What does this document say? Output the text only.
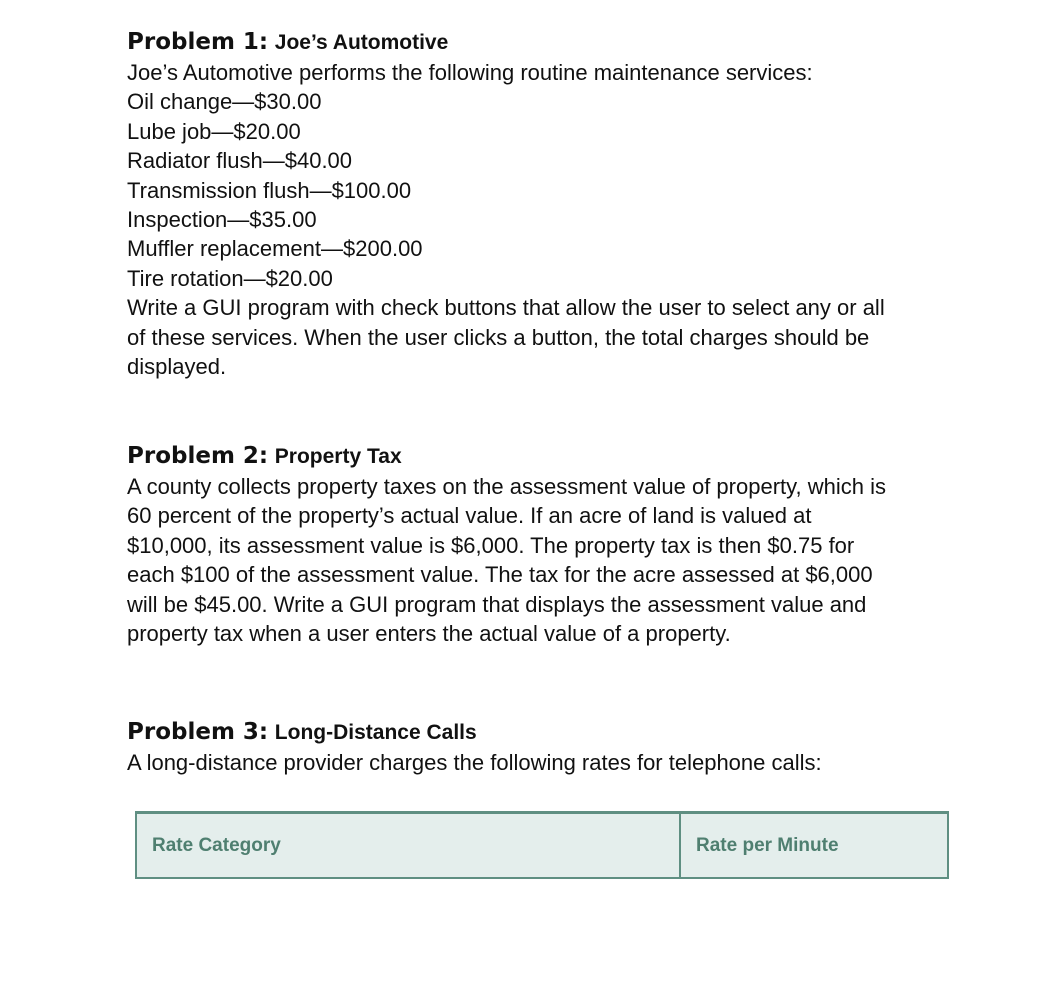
Problem 1: Joe’s Automotive

Joe’s Automotive performs the following routine maintenance services:

Oil change—$30.00
Lube job—$20.00
Radiator flush—$40.00
Transmission flush—$100.00
Inspection—$35.00
Muffler replacement—$200.00
Tire rotation—$20.00

Write a GUI program with check buttons that allow the user to select any or all of these services. When the user clicks a button, the total charges should be displayed.

Problem 2: Property Tax

A county collects property taxes on the assessment value of property, which is 60 percent of the property’s actual value. If an acre of land is valued at $10,000, its assessment value is $6,000. The property tax is then $0.75 for each $100 of the assessment value. The tax for the acre assessed at $6,000 will be $45.00. Write a GUI program that displays the assessment value and property tax when a user enters the actual value of a property.

Problem 3: Long-Distance Calls

A long-distance provider charges the following rates for telephone calls:

Rate Category	Rate per Minute
